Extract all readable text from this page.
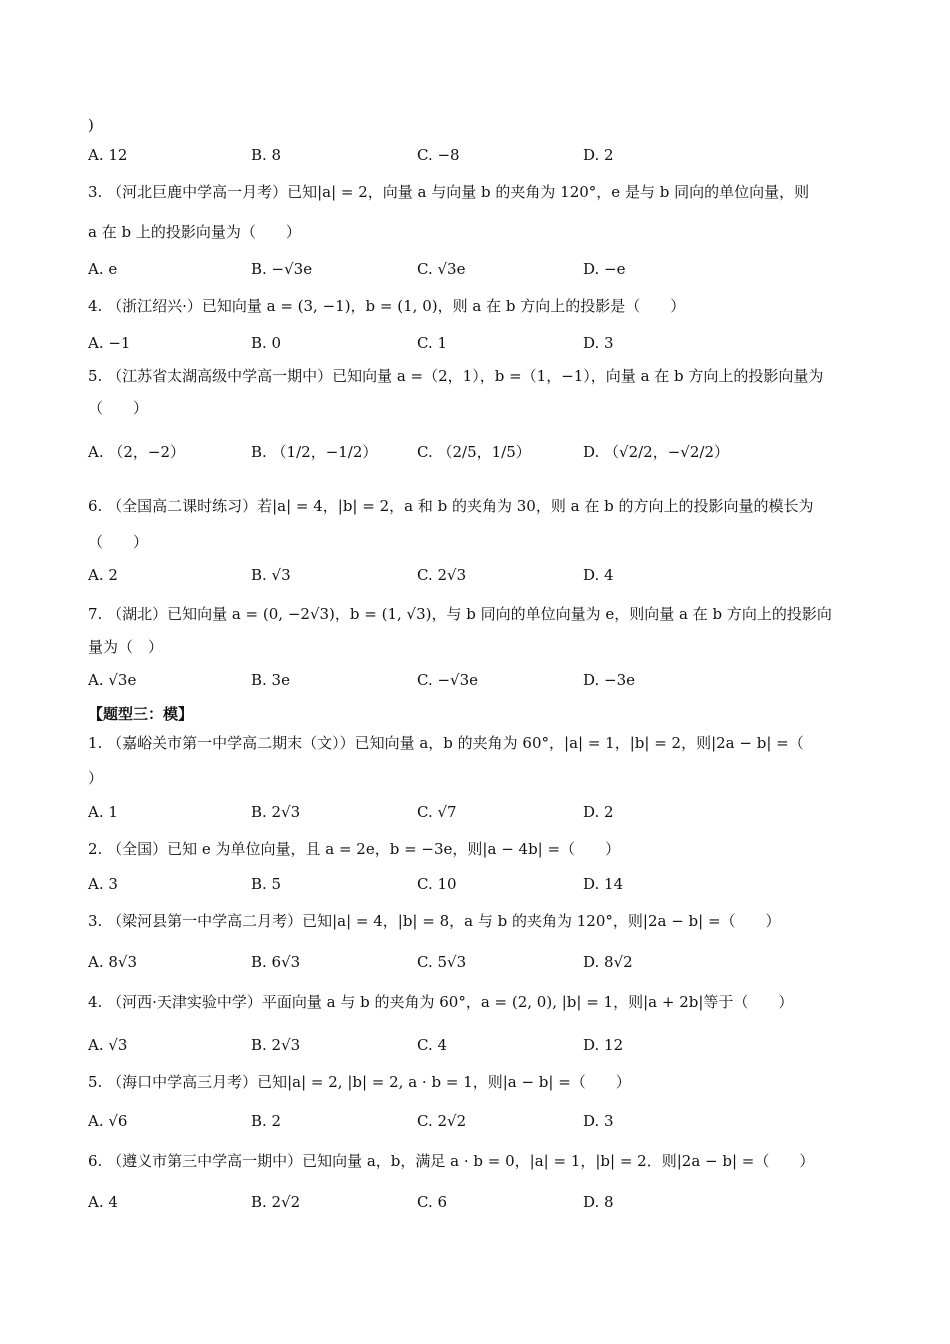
)
A. 12	B. 8	C. −8	D. 2
3. （河北巨鹿中学高一月考）已知|a| = 2，向量 a 与向量 b 的夹角为 120°，e 是与 b 同向的单位向量，则
a 在 b 上的投影向量为（　　）
A. e	B. −√3e	C. √3e	D. −e
4. （浙江绍兴·）已知向量 a = (3, −1)，b = (1, 0)，则 a 在 b 方向上的投影是（　　）
A. −1	B. 0	C. 1	D. 3
5. （江苏省太湖高级中学高一期中）已知向量 a =（2，1），b =（1，−1），向量 a 在 b 方向上的投影向量为
（　　）
A. （2，−2）	B. （1/2，−1/2）	C. （2/5，1/5）	D. （√2/2，−√2/2）
6. （全国高二课时练习）若|a| = 4，|b| = 2，a 和 b 的夹角为 30，则 a 在 b 的方向上的投影向量的模长为
（　　）
A. 2	B. √3	C. 2√3	D. 4
7. （湖北）已知向量 a = (0, −2√3)，b = (1, √3)，与 b 同向的单位向量为 e，则向量 a 在 b 方向上的投影向
量为（　）
A. √3e	B. 3e	C. −√3e	D. −3e
【题型三：模】
1. （嘉峪关市第一中学高二期末（文））已知向量 a，b 的夹角为 60°，|a| = 1，|b| = 2，则|2a − b| =（
）
A. 1	B. 2√3	C. √7	D. 2
2. （全国）已知 e 为单位向量，且 a = 2e，b = −3e，则|a − 4b| =（　　）
A. 3	B. 5	C. 10	D. 14
3. （梁河县第一中学高二月考）已知|a| = 4，|b| = 8，a 与 b 的夹角为 120°，则|2a − b| =（　　）
A. 8√3	B. 6√3	C. 5√3	D. 8√2
4. （河西·天津实验中学）平面向量 a 与 b 的夹角为 60°，a = (2, 0), |b| = 1，则|a + 2b|等于（　　）
A. √3	B. 2√3	C. 4	D. 12
5. （海口中学高三月考）已知|a| = 2, |b| = 2, a · b = 1，则|a − b| =（　　）
A. √6	B. 2	C. 2√2	D. 3
6. （遵义市第三中学高一期中）已知向量 a，b，满足 a · b = 0，|a| = 1，|b| = 2．则|2a − b| =（　　）
A. 4	B. 2√2	C. 6	D. 8
